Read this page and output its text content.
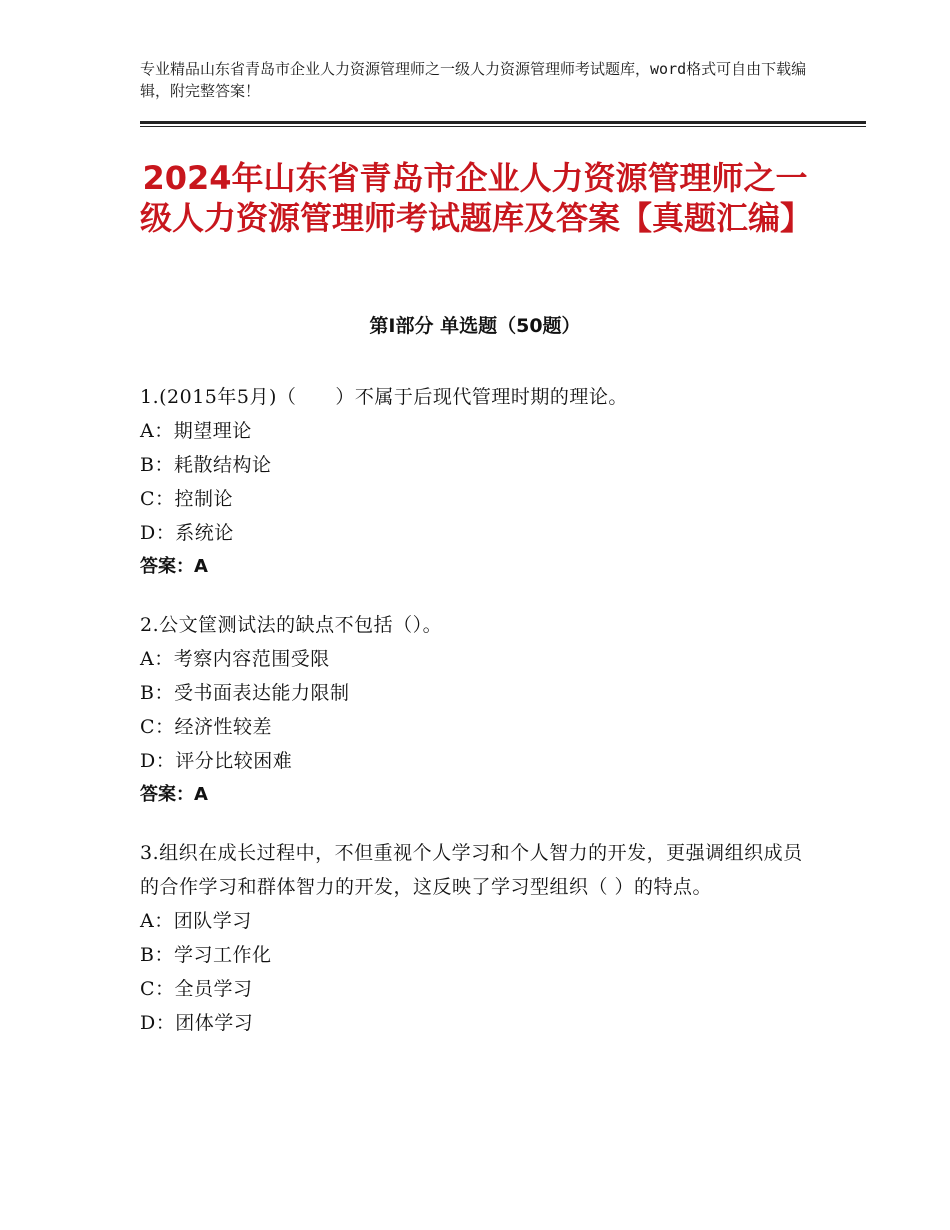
专业精品山东省青岛市企业人力资源管理师之一级人力资源管理师考试题库，word格式可自由下载编辑，附完整答案！
2024年山东省青岛市企业人力资源管理师之一级人力资源管理师考试题库及答案【真题汇编】
第Ⅰ部分 单选题（50题）
1.(2015年5月)（　　）不属于后现代管理时期的理论。
A：期望理论
B：耗散结构论
C：控制论
D：系统论
答案：A
2.公文筐测试法的缺点不包括（）。
A：考察内容范围受限
B：受书面表达能力限制
C：经济性较差
D：评分比较困难
答案：A
3.组织在成长过程中，不但重视个人学习和个人智力的开发，更强调组织成员的合作学习和群体智力的开发，这反映了学习型组织（ ）的特点。
A：团队学习
B：学习工作化
C：全员学习
D：团体学习
